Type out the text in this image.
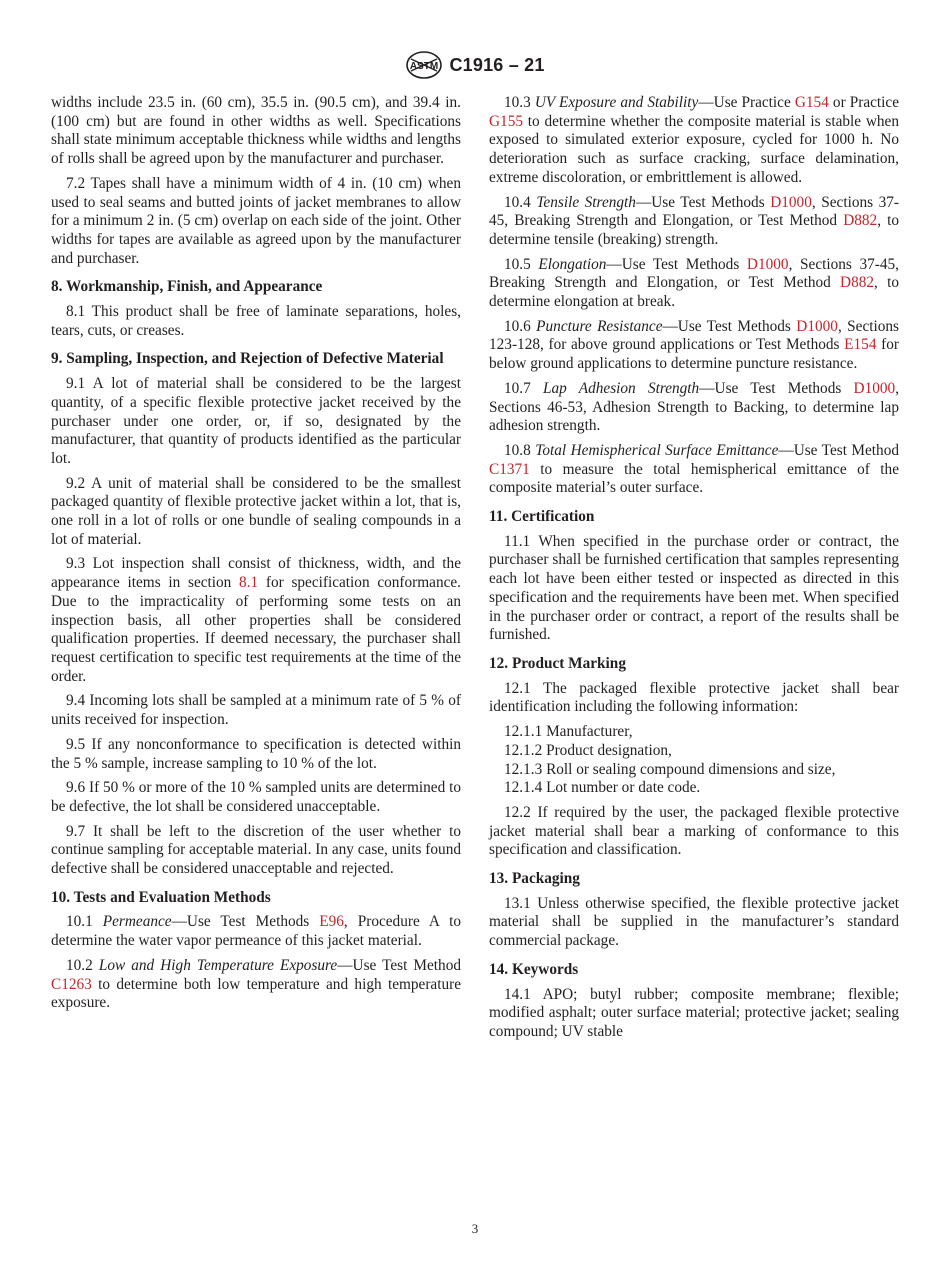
ASTM C1916 – 21

widths include 23.5 in. (60 cm), 35.5 in. (90.5 cm), and 39.4 in. (100 cm) but are found in other widths as well. Specifications shall state minimum acceptable thickness while widths and lengths of rolls shall be agreed upon by the manufacturer and purchaser.

7.2 Tapes shall have a minimum width of 4 in. (10 cm) when used to seal seams and butted joints of jacket membranes to allow for a minimum 2 in. (5 cm) overlap on each side of the joint. Other widths for tapes are available as agreed upon by the manufacturer and purchaser.

8. Workmanship, Finish, and Appearance

8.1 This product shall be free of laminate separations, holes, tears, cuts, or creases.

9. Sampling, Inspection, and Rejection of Defective Material

9.1 A lot of material shall be considered to be the largest quantity, of a specific flexible protective jacket received by the purchaser under one order, or, if so, designated by the manufacturer, that quantity of products identified as the particular lot.

9.2 A unit of material shall be considered to be the smallest packaged quantity of flexible protective jacket within a lot, that is, one roll in a lot of rolls or one bundle of sealing compounds in a lot of material.

9.3 Lot inspection shall consist of thickness, width, and the appearance items in section 8.1 for specification conformance. Due to the impracticality of performing some tests on an inspection basis, all other properties shall be considered qualification properties. If deemed necessary, the purchaser shall request certification to specific test requirements at the time of the order.

9.4 Incoming lots shall be sampled at a minimum rate of 5 % of units received for inspection.

9.5 If any nonconformance to specification is detected within the 5 % sample, increase sampling to 10 % of the lot.

9.6 If 50 % or more of the 10 % sampled units are determined to be defective, the lot shall be considered unacceptable.

9.7 It shall be left to the discretion of the user whether to continue sampling for acceptable material. In any case, units found defective shall be considered unacceptable and rejected.

10. Tests and Evaluation Methods

10.1 Permeance—Use Test Methods E96, Procedure A to determine the water vapor permeance of this jacket material.

10.2 Low and High Temperature Exposure—Use Test Method C1263 to determine both low temperature and high temperature exposure.

10.3 UV Exposure and Stability—Use Practice G154 or Practice G155 to determine whether the composite material is stable when exposed to simulated exterior exposure, cycled for 1000 h. No deterioration such as surface cracking, surface delamination, extreme discoloration, or embrittlement is allowed.

10.4 Tensile Strength—Use Test Methods D1000, Sections 37-45, Breaking Strength and Elongation, or Test Method D882, to determine tensile (breaking) strength.

10.5 Elongation—Use Test Methods D1000, Sections 37-45, Breaking Strength and Elongation, or Test Method D882, to determine elongation at break.

10.6 Puncture Resistance—Use Test Methods D1000, Sections 123-128, for above ground applications or Test Methods E154 for below ground applications to determine puncture resistance.

10.7 Lap Adhesion Strength—Use Test Methods D1000, Sections 46-53, Adhesion Strength to Backing, to determine lap adhesion strength.

10.8 Total Hemispherical Surface Emittance—Use Test Method C1371 to measure the total hemispherical emittance of the composite material’s outer surface.

11. Certification

11.1 When specified in the purchase order or contract, the purchaser shall be furnished certification that samples representing each lot have been either tested or inspected as directed in this specification and the requirements have been met. When specified in the purchaser order or contract, a report of the results shall be furnished.

12. Product Marking

12.1 The packaged flexible protective jacket shall bear identification including the following information:

12.1.1 Manufacturer,

12.1.2 Product designation,

12.1.3 Roll or sealing compound dimensions and size,

12.1.4 Lot number or date code.

12.2 If required by the user, the packaged flexible protective jacket material shall bear a marking of conformance to this specification and classification.

13. Packaging

13.1 Unless otherwise specified, the flexible protective jacket material shall be supplied in the manufacturer’s standard commercial package.

14. Keywords

14.1 APO; butyl rubber; composite membrane; flexible; modified asphalt; outer surface material; protective jacket; sealing compound; UV stable

3
